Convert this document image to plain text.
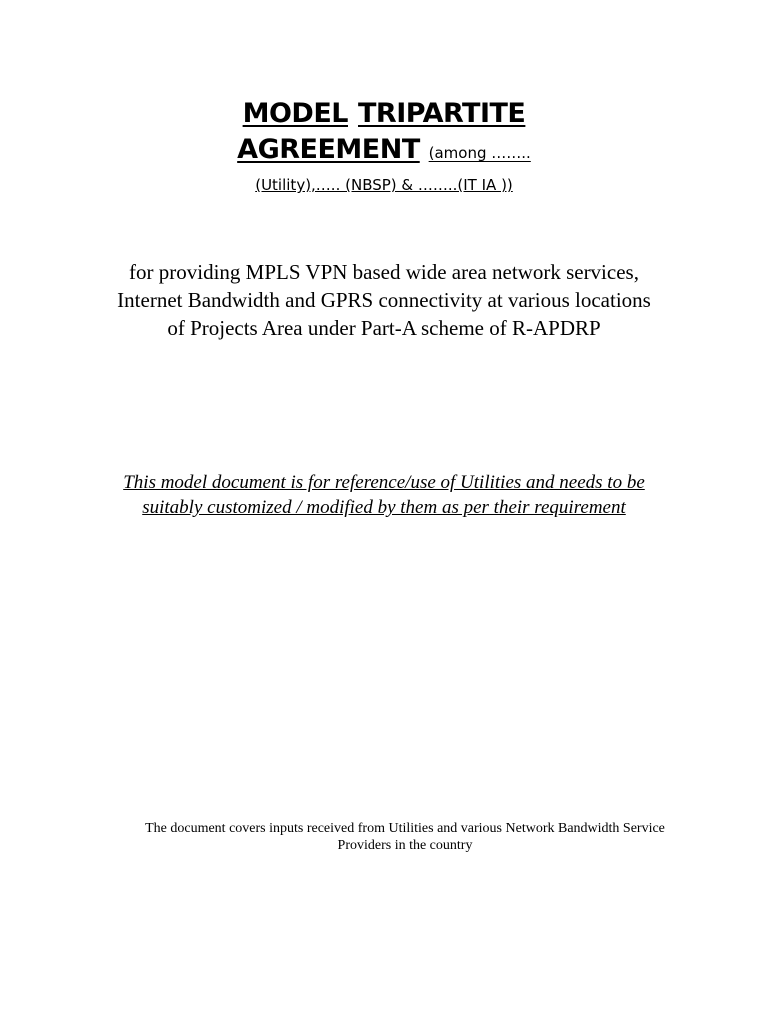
MODEL TRIPARTITE
AGREEMENT (among ……..
(Utility),….. (NBSP) & ……..(IT IA ))
for providing MPLS VPN based wide area network services,
Internet Bandwidth and GPRS connectivity at various locations
of Projects Area under Part-A scheme of R-APDRP
This model document is for reference/use of Utilities and needs to be
suitably customized / modified by them as per their requirement
The document covers inputs received from Utilities and various Network Bandwidth Service
Providers in the country
